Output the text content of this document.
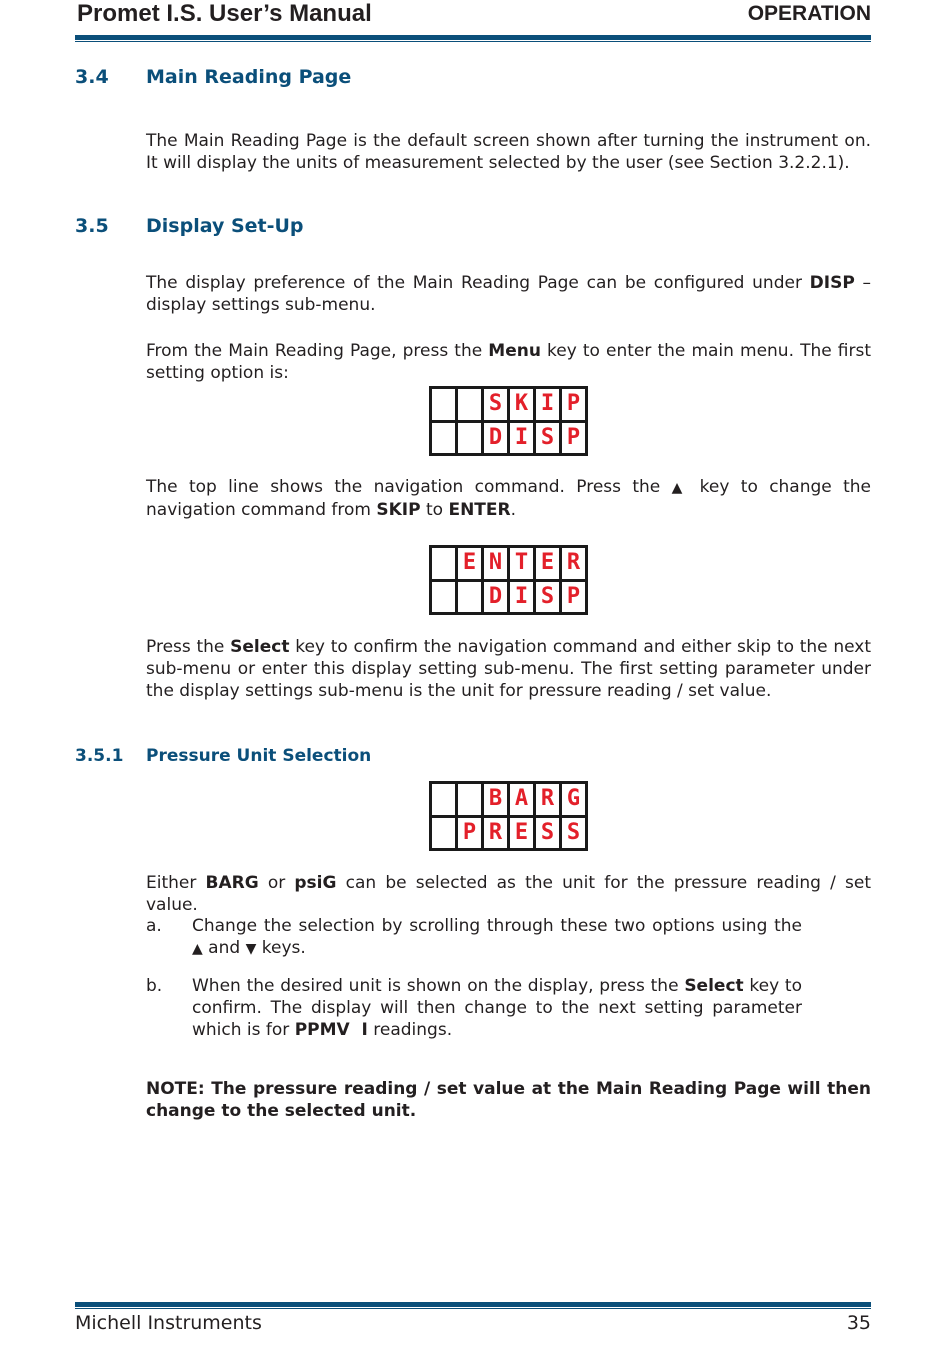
Promet I.S. User’s Manual	OPERATION
3.4 Main Reading Page
The Main Reading Page is the default screen shown after turning the instrument on. It will display the units of measurement selected by the user (see Section 3.2.2.1).
3.5 Display Set-Up
The display preference of the Main Reading Page can be configured under DISP – display settings sub-menu.
From the Main Reading Page, press the Menu key to enter the main menu. The first setting option is:
S K I P
D I S P
The top line shows the navigation command. Press the ▲ key to change the navigation command from SKIP to ENTER.
E N T E R
D I S P
Press the Select key to confirm the navigation command and either skip to the next sub-menu or enter this display setting sub-menu. The first setting parameter under the display settings sub-menu is the unit for pressure reading / set value.
3.5.1 Pressure Unit Selection
B A R G
P R E S S
Either BARG or psiG can be selected as the unit for the pressure reading / set value.
a. Change the selection by scrolling through these two options using the ▲ and ▼ keys.
b. When the desired unit is shown on the display, press the Select key to confirm. The display will then change to the next setting parameter which is for PPMV  I readings.
NOTE: The pressure reading / set value at the Main Reading Page will then change to the selected unit.
Michell Instruments	35
